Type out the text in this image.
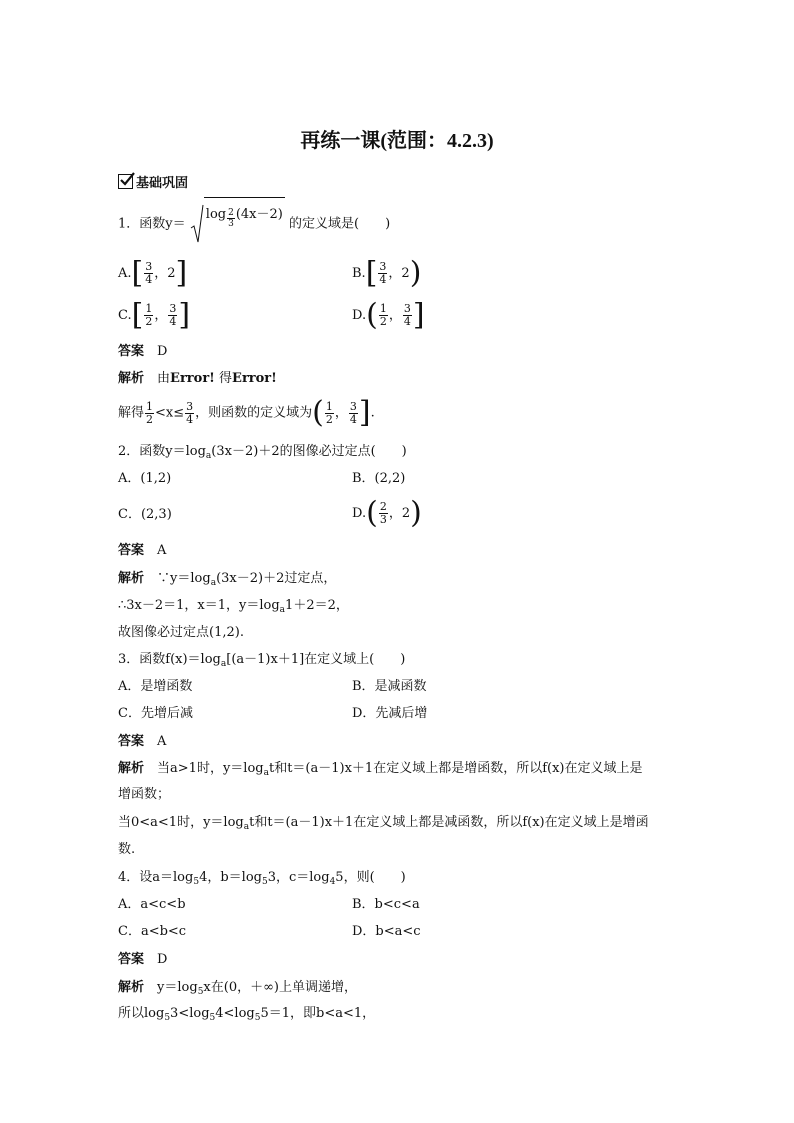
再练一课(范围：4.2.3)
基础巩固
1．函数$y= \log \frac{2}{3} (4x-2)$ 的定义域是(　　)
$A.[ \frac{3}{4}$ ，2]	$B.[ \frac{3}{4}$ ，2)
$C.[ \frac{1}{2}$ ， $\frac{3}{4}$ ]	$D.( \frac{1}{2}$ ， $\frac{3}{4}$ ]
答案　 D
解析　 由Error! 得Error!
解得 $\frac{1}{2} <x\le \frac{3}{4}$ ，则函数的定义域为( $\frac{1}{2}$ ， $\frac{3}{4}$ ].
2．函数$y=\log_a(3x-2)+2$的图像必过定点(　　)
A．(1,2)	B．(2,2)
C．(2,3)	$D.( \frac{2}{3}$ ，2)
答案　 A
解析　 $\because y=\log_a(3x-2)+2$过定点，
∴3x－2＝1，x＝1，$y=\log_a1+2=2$，
故图像必过定点(1,2).
3．函数$f(x)=\log_a[(a-1)x+1]$在定义域上(　　)
A．是增函数	B．是减函数
C．先增后减	D．先减后增
答案　 A
解析　 当a>1时，$y=\log_at$和t＝(a－1)x＋1在定义域上都是增函数，所以f(x)在定义域上是
增函数；
当0<a<1时，$y=\log_at$和t＝(a－1)x＋1在定义域上都是减函数，所以f(x)在定义域上是增函
数.
4．设$a=\log_54$，$b=\log_53$，$c=\log_45$，则(　　)
A．a<c<b	B．b<c<a
C．a<b<c	D．b<a<c
答案　 D
解析　 $y=\log_5x$在(0，＋∞)上单调递增，
所以$\log_53<\log_54<\log_55=1$，即b<a<1，
